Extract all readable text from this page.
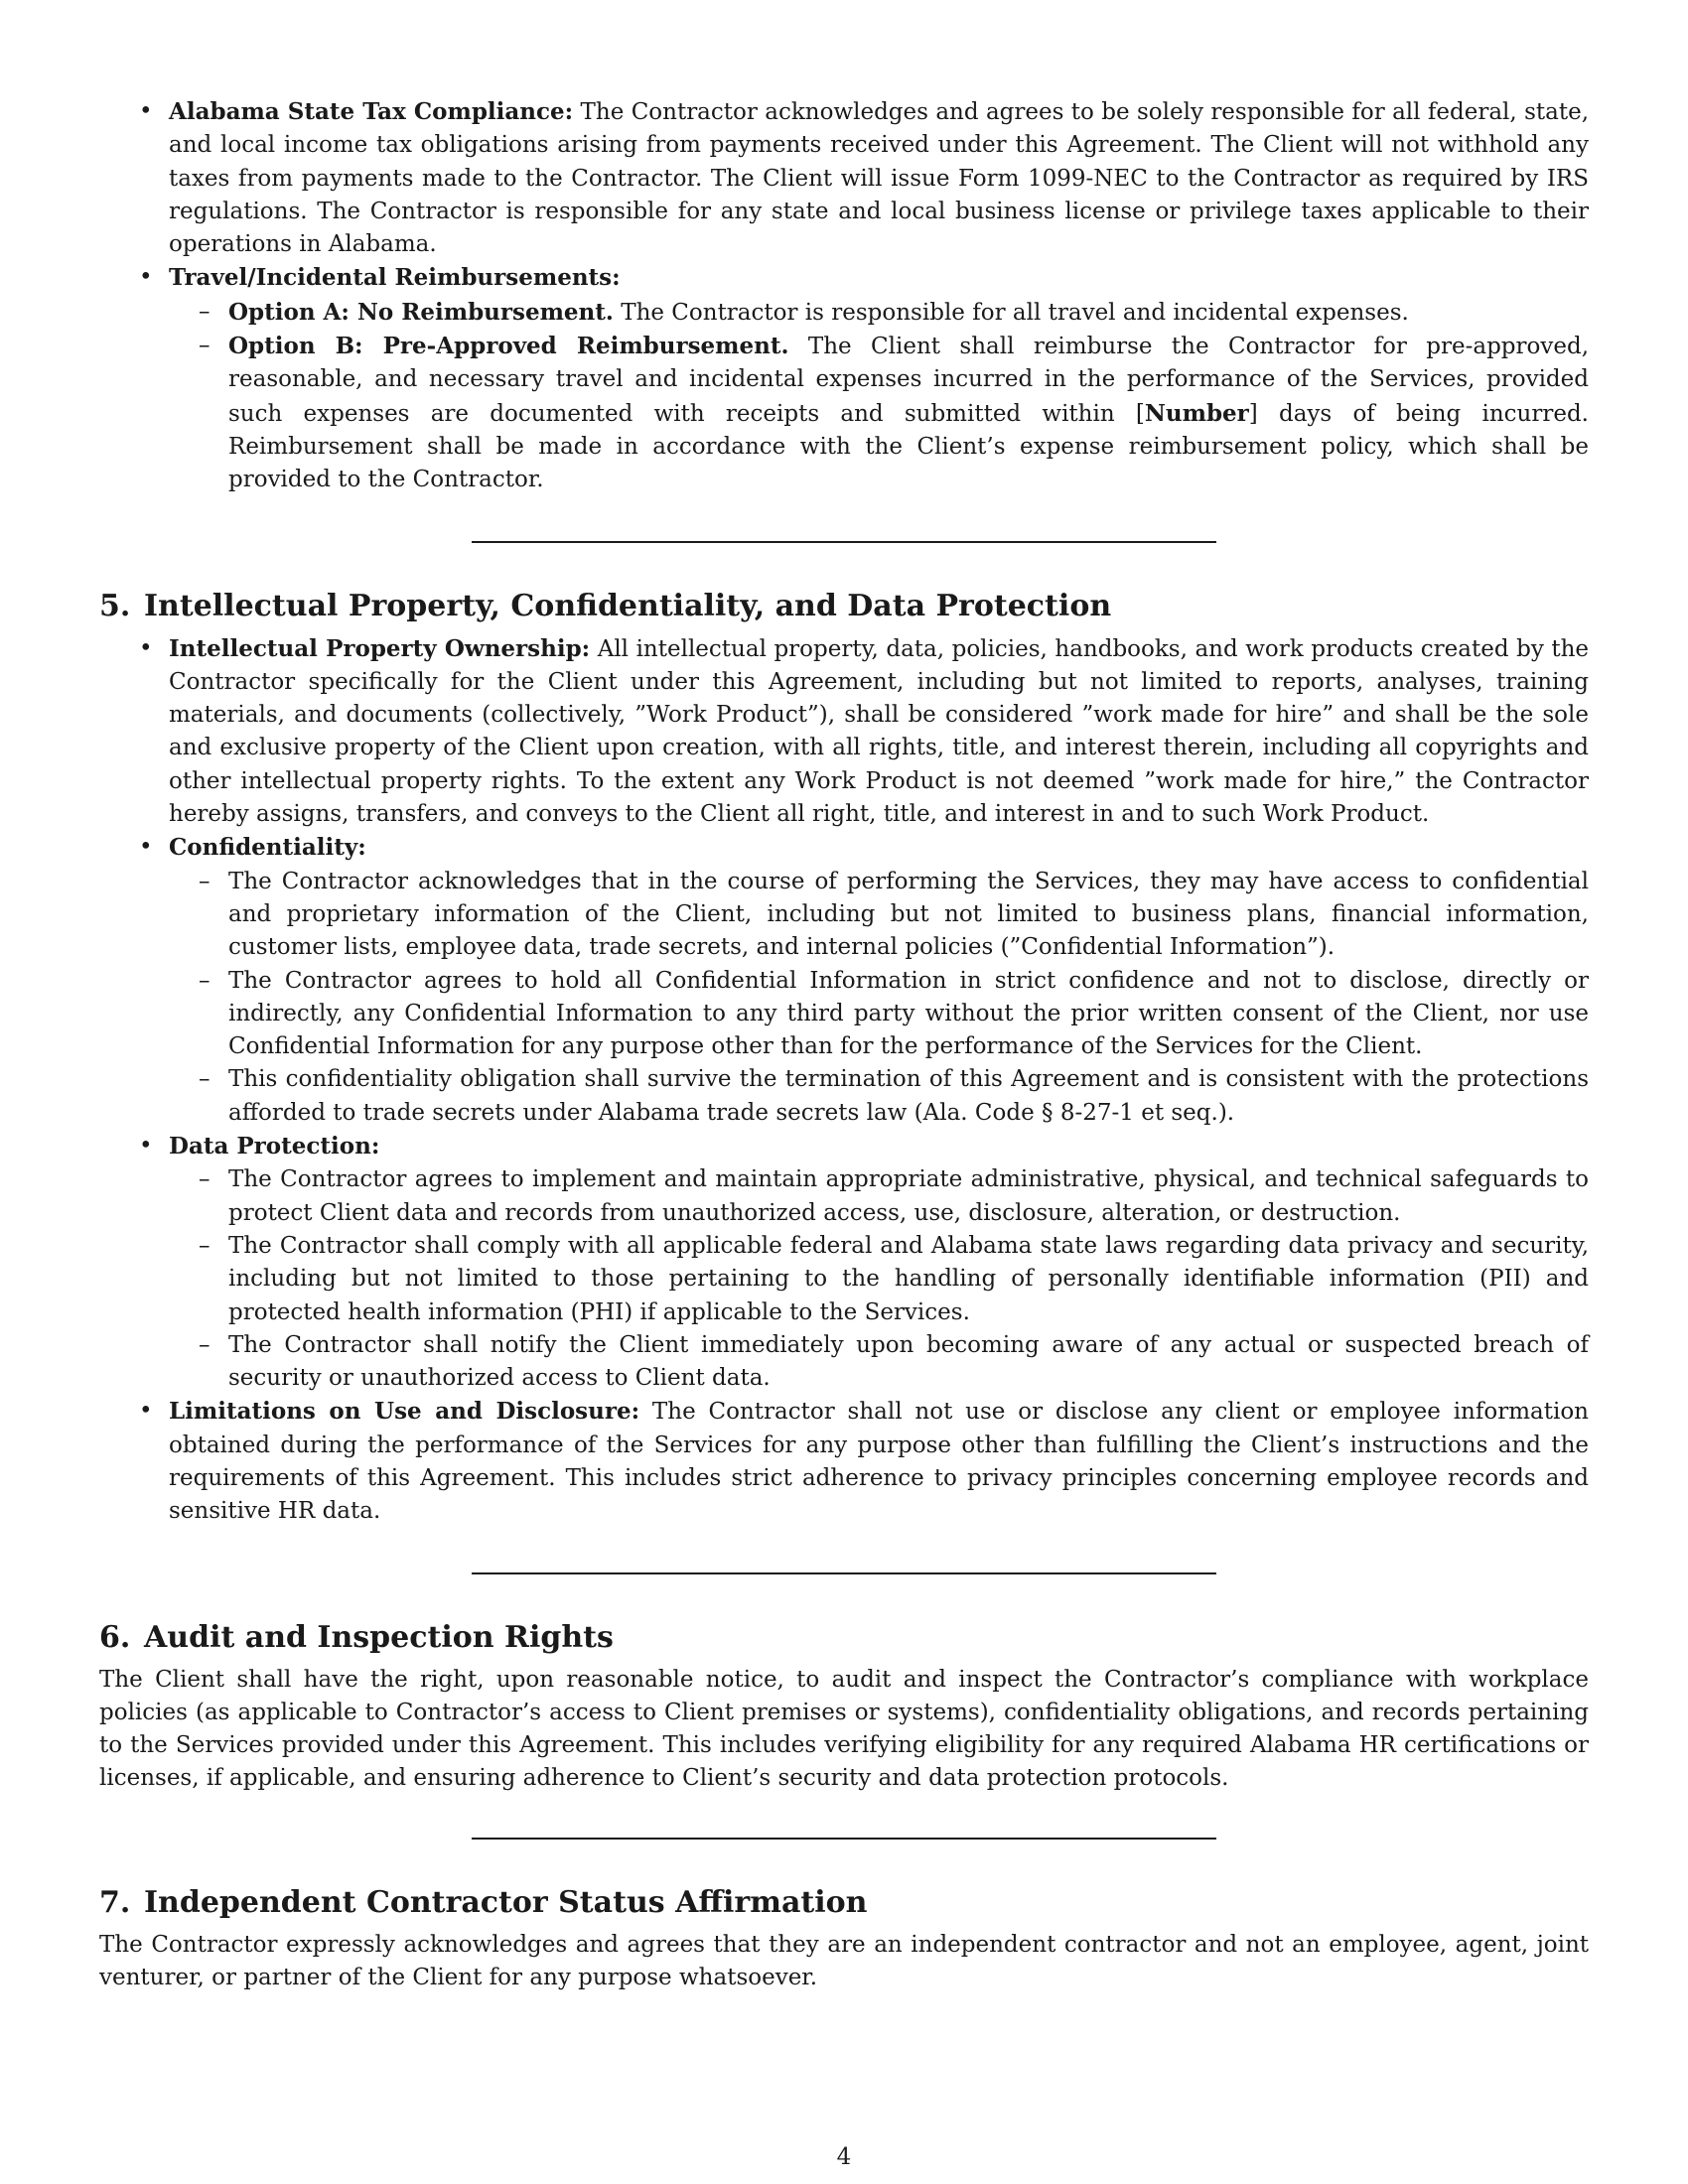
• Alabama State Tax Compliance: The Contractor acknowledges and agrees to be solely responsible for all federal, state, and local income tax obligations arising from payments received under this Agreement. The Client will not withhold any taxes from payments made to the Contractor. The Client will issue Form 1099-NEC to the Contractor as required by IRS regulations. The Contractor is responsible for any state and local business license or privilege taxes applicable to their operations in Alabama.

• Travel/Incidental Reimbursements:

– Option A: No Reimbursement. The Contractor is responsible for all travel and incidental expenses.

– Option B: Pre-Approved Reimbursement. The Client shall reimburse the Contractor for pre-approved, reasonable, and necessary travel and incidental expenses incurred in the performance of the Services, provided such expenses are documented with receipts and submitted within [Number] days of being incurred. Reimbursement shall be made in accordance with the Client’s expense reimbursement policy, which shall be provided to the Contractor.

5. Intellectual Property, Confidentiality, and Data Protection

• Intellectual Property Ownership: All intellectual property, data, policies, handbooks, and work products created by the Contractor specifically for the Client under this Agreement, including but not limited to reports, analyses, training materials, and documents (collectively, ”Work Product”), shall be considered ”work made for hire” and shall be the sole and exclusive property of the Client upon creation, with all rights, title, and interest therein, including all copyrights and other intellectual property rights. To the extent any Work Product is not deemed ”work made for hire,” the Contractor hereby assigns, transfers, and conveys to the Client all right, title, and interest in and to such Work Product.

• Confidentiality:

– The Contractor acknowledges that in the course of performing the Services, they may have access to confidential and proprietary information of the Client, including but not limited to business plans, financial information, customer lists, employee data, trade secrets, and internal policies (”Confidential Information”).

– The Contractor agrees to hold all Confidential Information in strict confidence and not to disclose, directly or indirectly, any Confidential Information to any third party without the prior written consent of the Client, nor use Confidential Information for any purpose other than for the performance of the Services for the Client.

– This confidentiality obligation shall survive the termination of this Agreement and is consistent with the protections afforded to trade secrets under Alabama trade secrets law (Ala. Code § 8-27-1 et seq.).

• Data Protection:

– The Contractor agrees to implement and maintain appropriate administrative, physical, and technical safeguards to protect Client data and records from unauthorized access, use, disclosure, alteration, or destruction.

– The Contractor shall comply with all applicable federal and Alabama state laws regarding data privacy and security, including but not limited to those pertaining to the handling of personally identifiable information (PII) and protected health information (PHI) if applicable to the Services.

– The Contractor shall notify the Client immediately upon becoming aware of any actual or suspected breach of security or unauthorized access to Client data.

• Limitations on Use and Disclosure: The Contractor shall not use or disclose any client or employee information obtained during the performance of the Services for any purpose other than fulfilling the Client’s instructions and the requirements of this Agreement. This includes strict adherence to privacy principles concerning employee records and sensitive HR data.

6. Audit and Inspection Rights

The Client shall have the right, upon reasonable notice, to audit and inspect the Contractor’s compliance with workplace policies (as applicable to Contractor’s access to Client premises or systems), confidentiality obligations, and records pertaining to the Services provided under this Agreement. This includes verifying eligibility for any required Alabama HR certifications or licenses, if applicable, and ensuring adherence to Client’s security and data protection protocols.

7. Independent Contractor Status Affirmation

The Contractor expressly acknowledges and agrees that they are an independent contractor and not an employee, agent, joint venturer, or partner of the Client for any purpose whatsoever.

4
